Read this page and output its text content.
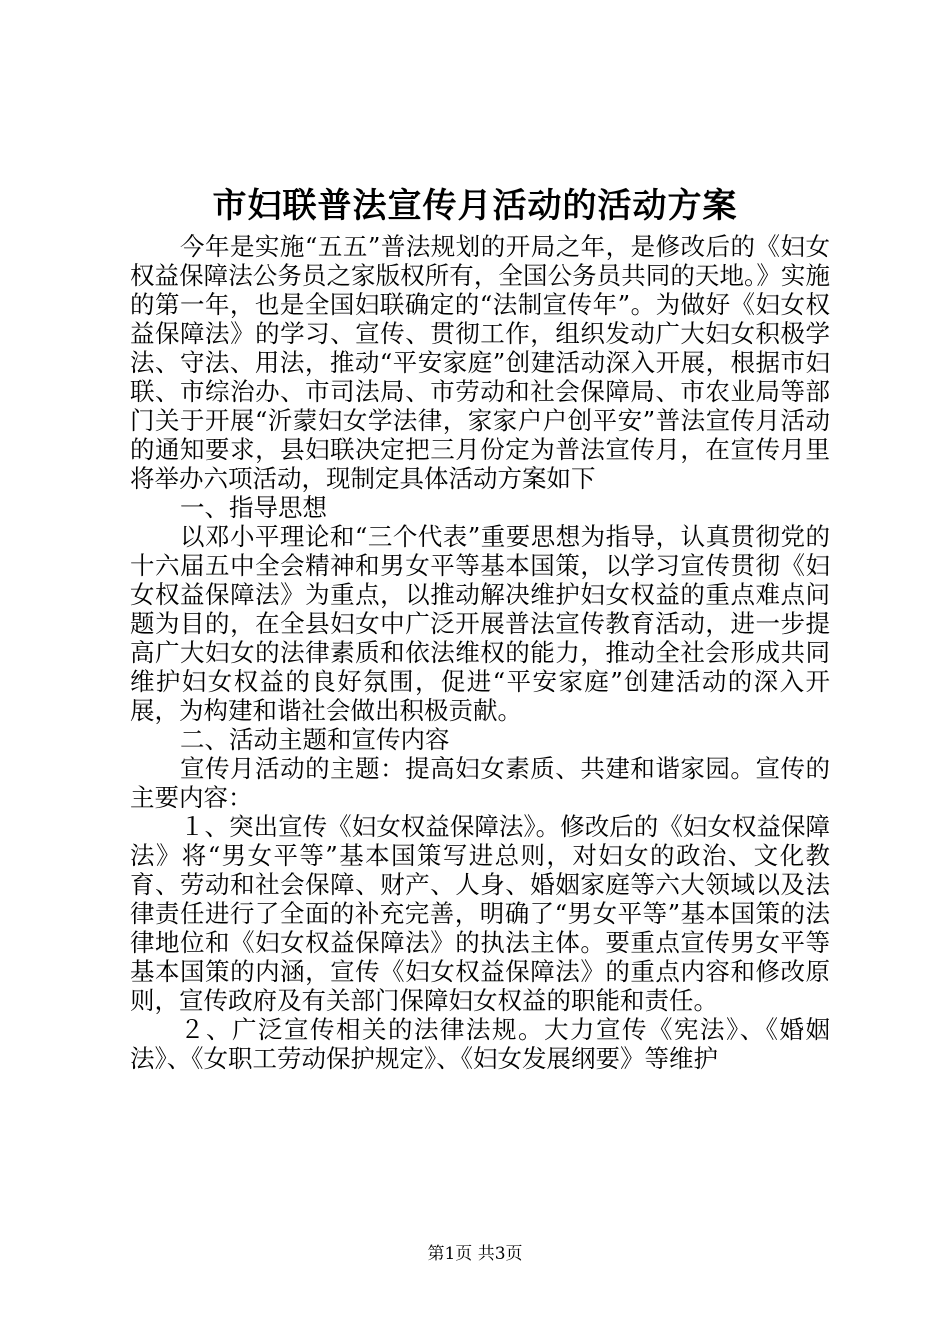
市妇联普法宣传月活动的活动方案

今年是实施“五五”普法规划的开局之年，是修改后的《妇女权益保障法公务员之家版权所有，全国公务员共同的天地。》实施的第一年，也是全国妇联确定的“法制宣传年”。为做好《妇女权益保障法》的学习、宣传、贯彻工作，组织发动广大妇女积极学法、守法、用法，推动“平安家庭”创建活动深入开展，根据市妇联、市综治办、市司法局、市劳动和社会保障局、市农业局等部门关于开展“沂蒙妇女学法律，家家户户创平安”普法宣传月活动的通知要求，县妇联决定把三月份定为普法宣传月，在宣传月里将举办六项活动，现制定具体活动方案如下

一、指导思想

以邓小平理论和“三个代表”重要思想为指导，认真贯彻党的十六届五中全会精神和男女平等基本国策，以学习宣传贯彻《妇女权益保障法》为重点，以推动解决维护妇女权益的重点难点问题为目的，在全县妇女中广泛开展普法宣传教育活动，进一步提高广大妇女的法律素质和依法维权的能力，推动全社会形成共同维护妇女权益的良好氛围，促进“平安家庭”创建活动的深入开展，为构建和谐社会做出积极贡献。

二、活动主题和宣传内容

宣传月活动的主题：提高妇女素质、共建和谐家园。宣传的主要内容：

１、突出宣传《妇女权益保障法》。修改后的《妇女权益保障法》将“男女平等”基本国策写进总则，对妇女的政治、文化教育、劳动和社会保障、财产、人身、婚姻家庭等六大领域以及法律责任进行了全面的补充完善，明确了“男女平等”基本国策的法律地位和《妇女权益保障法》的执法主体。要重点宣传男女平等基本国策的内涵，宣传《妇女权益保障法》的重点内容和修改原则，宣传政府及有关部门保障妇女权益的职能和责任。

２、广泛宣传相关的法律法规。大力宣传《宪法》、《婚姻法》、《女职工劳动保护规定》、《妇女发展纲要》等维护

第1页 共3页
